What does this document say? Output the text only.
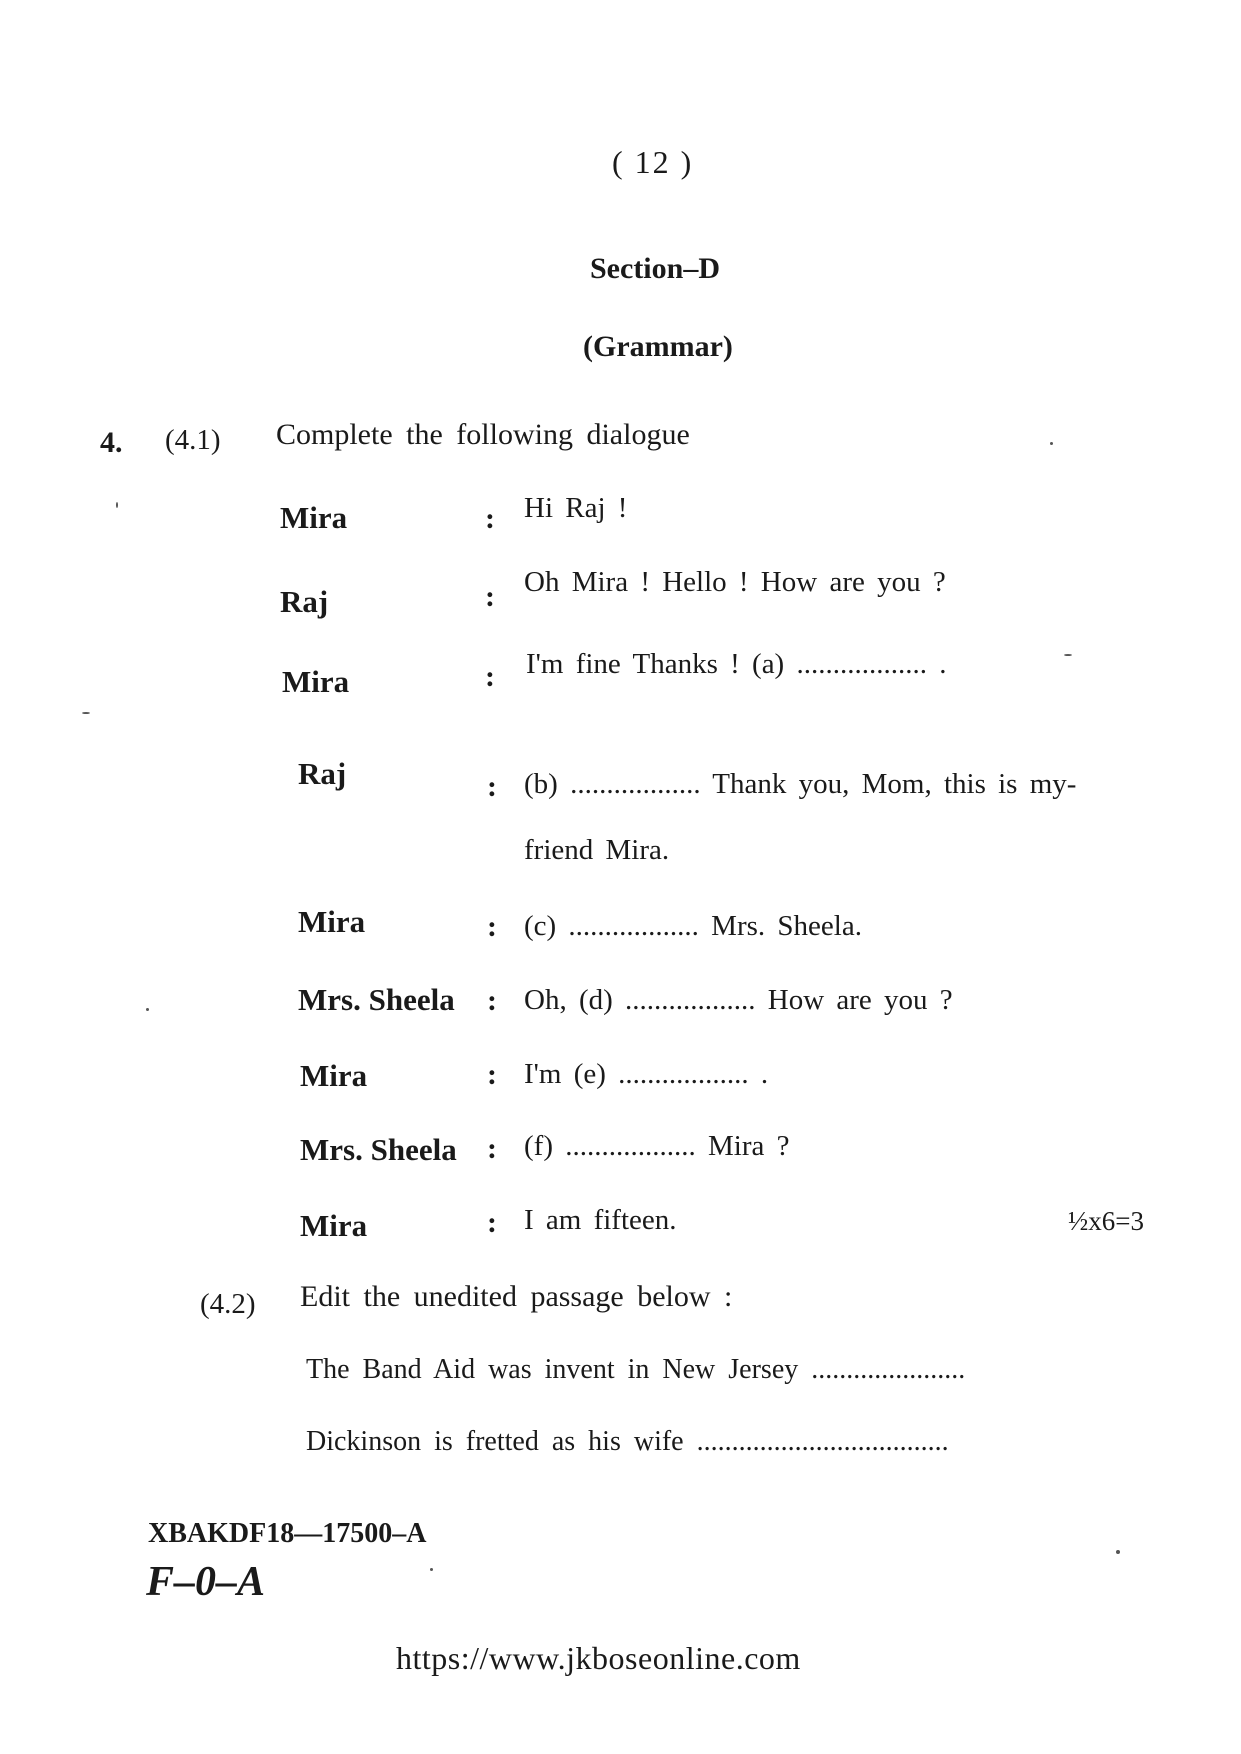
( 12 )
Section–D
(Grammar)
4. (4.1) Complete the following dialogue
Mira	: Hi Raj !
Raj	: Oh Mira ! Hello ! How are you ?
Mira	: I'm fine Thanks ! (a) .................. .
Raj	: (b) .................. Thank you, Mom, this is my-
friend Mira.
Mira	: (c) .................. Mrs. Sheela.
Mrs. Sheela : Oh, (d) .................. How are you ?
Mira	: I'm (e) .................. .
Mrs. Sheela : (f) .................. Mira ?
Mira	: I am fifteen.	½x6=3
(4.2) Edit the unedited passage below :
The Band Aid was invent in New Jersey ......................
Dickinson is fretted as his wife ....................................
XBAKDF18—17500–A
F–0–A
https://www.jkboseonline.com
